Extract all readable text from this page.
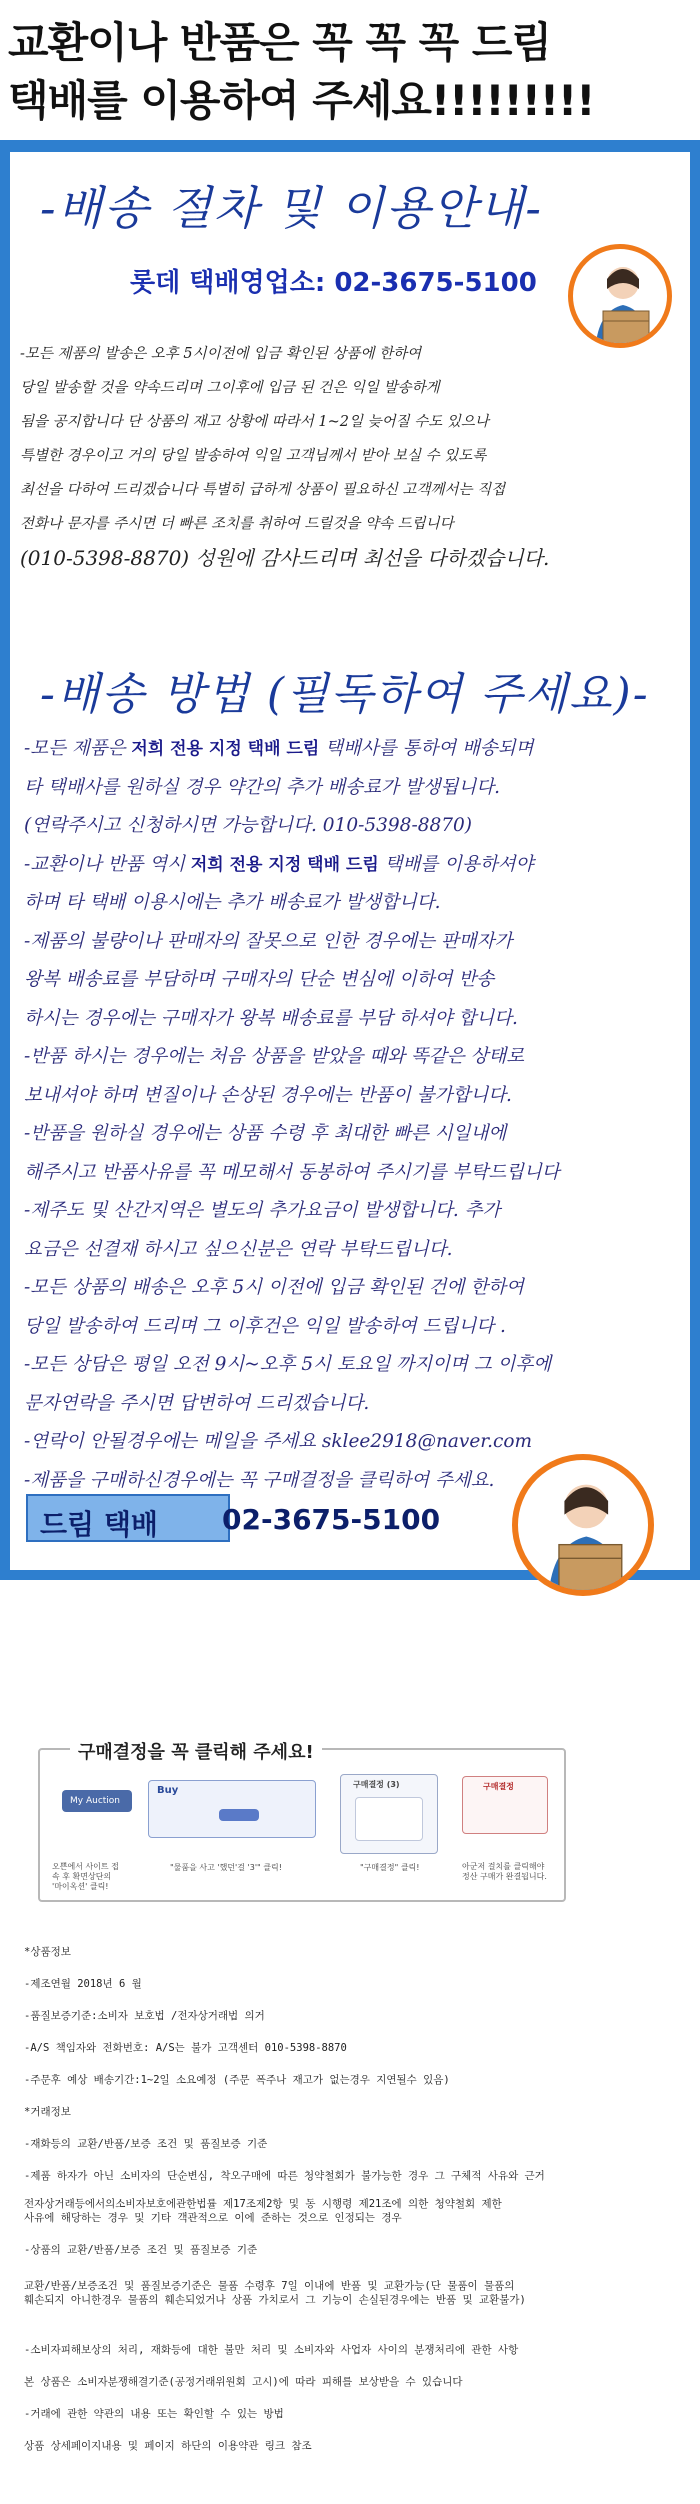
교환이나 반품은 꼭 꼭 꼭 드림
택배를 이용하여 주세요!!!!!!!!!
-배송 절차 및 이용안내-
롯데 택배영업소: 02-3675-5100
-모든 제품의 발송은 오후 5시이전에 입금 확인된 상품에 한하여
당일 발송할 것을 약속드리며 그이후에 입금 된 건은 익일 발송하게
됨을 공지합니다 단 상품의 재고 상황에 따라서 1~2일 늦어질 수도 있으나
특별한 경우이고 거의 당일 발송하여 익일 고객님께서 받아 보실 수 있도록
최선을 다하여 드리겠습니다 특별히 급하게 상품이 필요하신 고객께서는 직접
전화나 문자를 주시면 더 빠른 조치를 취하여 드릴것을 약속 드립니다
(010-5398-8870) 성원에 감사드리며 최선을 다하겠습니다.
-배송 방법 (필독하여 주세요)-
-모든 제품은 저희 전용 지정 택배 드림 택배사를 통하여 배송되며
타 택배사를 원하실 경우 약간의 추가 배송료가 발생됩니다.
(연락주시고 신청하시면 가능합니다. 010-5398-8870)
-교환이나 반품 역시 저희 전용 지정 택배 드림 택배를 이용하셔야
하며 타 택배 이용시에는 추가 배송료가 발생합니다.
-제품의 불량이나 판매자의 잘못으로 인한 경우에는 판매자가
왕복 배송료를 부담하며 구매자의 단순 변심에 이하여 반송
하시는 경우에는 구매자가 왕복 배송료를 부담 하셔야 합니다.
-반품 하시는 경우에는 처음 상품을 받았을 때와 똑같은 상태로
보내셔야 하며 변질이나 손상된 경우에는 반품이 불가합니다.
-반품을 원하실 경우에는 상품 수령 후 최대한 빠른 시일내에
해주시고 반품사유를 꼭 메모해서 동봉하여 주시기를 부탁드립니다
-제주도 및 산간지역은 별도의 추가요금이 발생합니다. 추가
요금은 선결재 하시고 싶으신분은 연락 부탁드립니다.
-모든 상품의 배송은 오후 5시 이전에 입금 확인된 건에 한하여
당일 발송하여 드리며 그 이후건은 익일 발송하여 드립니다 .
-모든 상담은 평일 오전 9시~오후 5시 토요일 까지이며 그 이후에
문자연락을 주시면 답변하여 드리겠습니다.
-연락이 안될경우에는 메일을 주세요 sklee2918@naver.com
-제품을 구매하신경우에는 꼭 구매결정을 클릭하여 주세요.
드림 택배 02-3675-5100
구매결정을 꼭 클릭해 주세요!
My Auction
Buy
구매결정 (3)	구매결정
오쁜에서 사이트 접속 후 확면상단의 '마이옥션' 클릭!
"물품을 사고 '했던'걸 '3'" 클릭!	"구매결정" 클릭!	아군저 걸치를 클릭해야 정산 구매가 완결됩니다.
*상품정보
-제조연월 2018년 6 월
-품질보증기준:소비자 보호법 /전자상거래법 의거
-A/S 책임자와 전화번호: A/S는 불가 고객센터 010-5398-8870
-주문후 예상 배송기간:1~2일 소요예정 (주문 폭주나 재고가 없는경우 지연될수 있음)
*거래정보
-재화등의 교환/반품/보증 조건 및 품질보증 기준
-제품 하자가 아닌 소비자의 단순변심, 착오구매에 따른 청약철회가 불가능한 경우 그 구체적 사유와 근거
전자상거래등에서의소비자보호에관한법률 제17조제2항 및 동 시행령 제21조에 의한 청약철회 제한
사유에 해당하는 경우 및 기타 객관적으로 이에 준하는 것으로 인정되는 경우
-상품의 교환/반품/보증 조건 및 품질보증 기준
교환/반품/보증조건 및 품질보증기준은 물품 수령후 7일 이내에 반품 및 교환가능(단 물품이 물품의
훼손되지 아니한경우 물품의 훼손되었거나 상품 가치로서 그 기능이 손실된경우에는 반품 및 교환불가)
-소비자피해보상의 처리, 재화등에 대한 불만 처리 및 소비자와 사업자 사이의 분쟁처리에 관한 사항
본 상품은 소비자분쟁해결기준(공정거래위원회 고시)에 따라 피해를 보상받을 수 있습니다
-거래에 관한 약관의 내용 또는 확인할 수 있는 방법
상품 상세페이지내용 및 페이지 하단의 이용약관 링크 참조
